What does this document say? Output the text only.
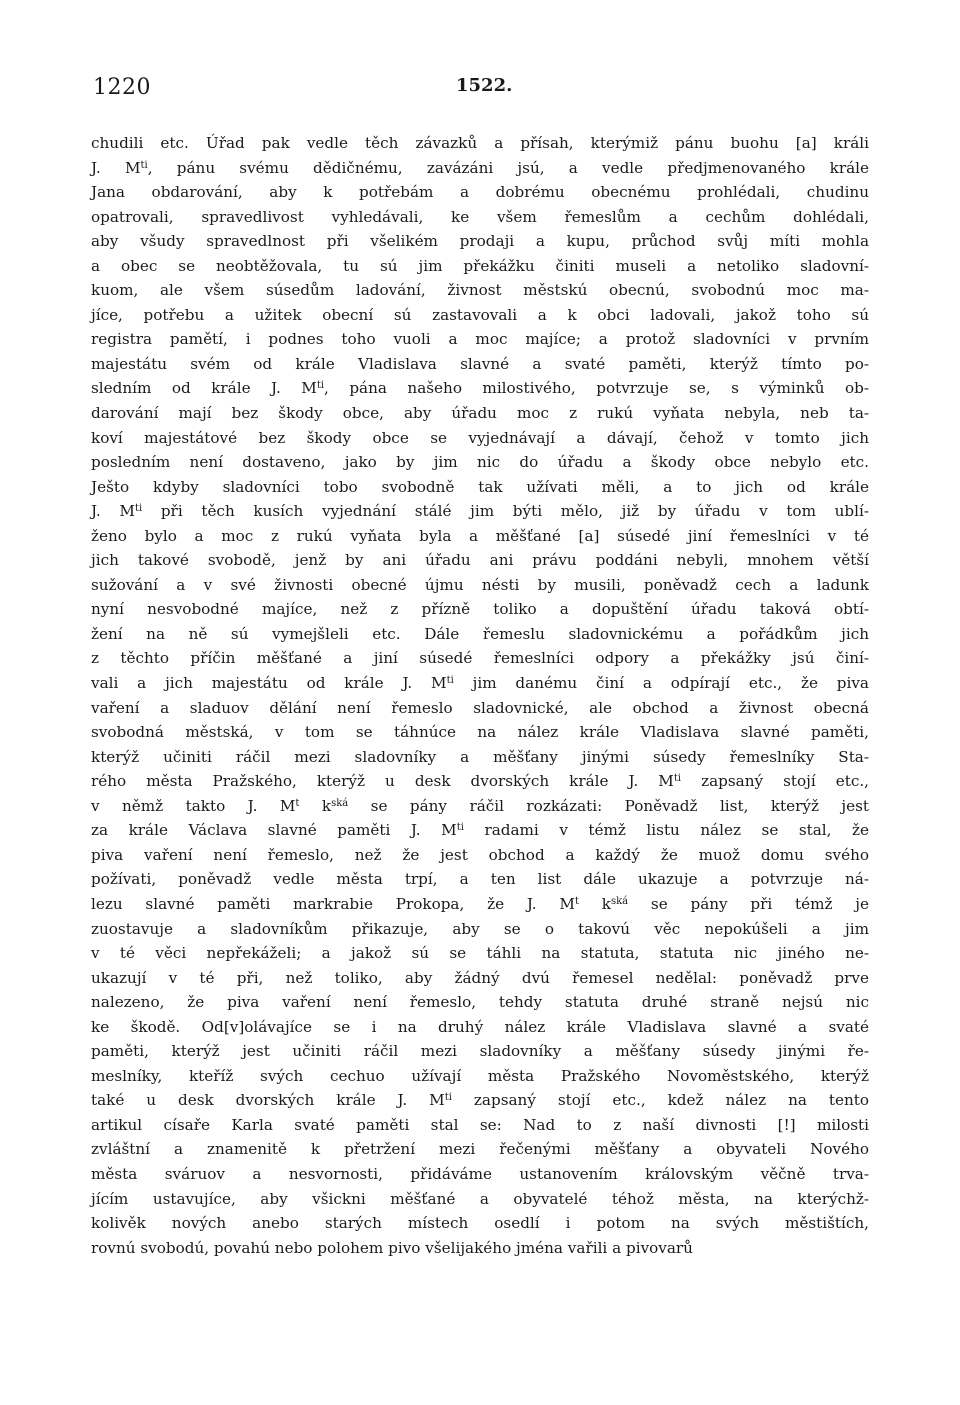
1220	1522.
chudili etc. Úřad pak vedle těch závazků a přísah, kterýmiž pánu buohu [a] králi
J. $M^{ti}$, pánu svému dědičnému, zavázáni jsú, a vedle předjmenovaného krále
Jana obdarování, aby k potřebám a dobrému obecnému prohlédali, chudinu
opatrovali, spravedlivost vyhledávali, ke všem řemeslům a cechům dohlédali,
aby všudy spravedlnost při všelikém prodaji a kupu, průchod svůj míti mohla
a obec se neobtěžovala, tu sú jim překážku činiti museli a netoliko sladovní-
kuom, ale všem súsedům ladování, živnost městskú obecnú, svobodnú moc ma-
jíce, potřebu a užitek obecní sú zastavovali a k obci ladovali, jakož toho sú
registra pamětí, i podnes toho vuoli a moc majíce; a protož sladovníci v prvním
majestátu svém od krále Vladislava slavné a svaté paměti, kterýž tímto po-
sledním od krále J. $M^{ti}$, pána našeho milostivého, potvrzuje se, s výminků ob-
darování mají bez škody obce, aby úřadu moc z rukú vyňata nebyla, neb ta-
koví majestátové bez škody obce se vyjednávají a dávají, čehož v tomto jich
posledním není dostaveno, jako by jim nic do úřadu a škody obce nebylo etc.
Ješto kdyby sladovníci tobo svobodně tak užívati měli, a to jich od krále
J. $M^{ti}$ při těch kusích vyjednání stálé jim býti mělo, již by úřadu v tom ublí-
ženo bylo a moc z rukú vyňata byla a měšťané [a] súsedé jiní řemeslníci v té
jich takové svobodě, jenž by ani úřadu ani právu poddáni nebyli, mnohem větší
sužování a v své živnosti obecné újmu nésti by musili, poněvadž cech a ladunk
nyní nesvobodné majíce, než z přízně toliko a dopuštění úřadu taková obtí-
žení na ně sú vymejšleli etc. Dále řemeslu sladovnickému a pořádkům jich
z těchto příčin měšťané a jiní súsedé řemeslníci odpory a překážky jsú činí-
vali a jich majestátu od krále J. $M^{ti}$ jim danému činí a odpírají etc., že piva
vaření a sladuov dělání není řemeslo sladovnické, ale obchod a živnost obecná
svobodná městská, v tom se táhnúce na nález krále Vladislava slavné paměti,
kterýž učiniti ráčil mezi sladovníky a měšťany jinými súsedy řemeslníky Sta-
rého města Pražského, kterýž u desk dvorských krále J. $M^{ti}$ zapsaný stojí etc.,
v němž takto J. $M^t$ $k^{ská}$ se pány ráčil rozkázati: Poněvadž list, kterýž jest
za krále Václava slavné paměti J. $M^{ti}$ radami v témž listu nález se stal, že
piva vaření není řemeslo, než že jest obchod a každý že muož domu svého
požívati, poněvadž vedle města trpí, a ten list dále ukazuje a potvrzuje ná-
lezu slavné paměti markrabie Prokopa, že J. $M^t$ $k^{ská}$ se pány při témž je
zuostavuje a sladovníkům přikazuje, aby se o takovú věc nepokúšeli a jim
v té věci nepřekáželi; a jakož sú se táhli na statuta, statuta nic jiného ne-
ukazují v té při, než toliko, aby žádný dvú řemesel nedělal: poněvadž prve
nalezeno, že piva vaření není řemeslo, tehdy statuta druhé straně nejsú nic
ke škodě. Od[v]olávajíce se i na druhý nález krále Vladislava slavné a svaté
paměti, kterýž jest učiniti ráčil mezi sladovníky a měšťany súsedy jinými ře-
meslníky, kteříž svých cechuo užívají města Pražského Novoměstského, kterýž
také u desk dvorských krále J. $M^{ti}$ zapsaný stojí etc., kdež nález na tento
artikul císaře Karla svaté paměti stal se: Nad to z naší divnosti [!] milosti
zvláštní a znamenitě k přetržení mezi řečenými měšťany a obyvateli Nového
města sváruov a nesvornosti, přidáváme ustanovením královským věčně trva-
jícím ustavujíce, aby všickni měšťané a obyvatelé téhož města, na kterýchž-
kolivěk nových anebo starých místech osedlí i potom na svých městištích,
rovnú svobodú, povahú nebo polohem pivo všelijakého jména vařili a pivovarů
